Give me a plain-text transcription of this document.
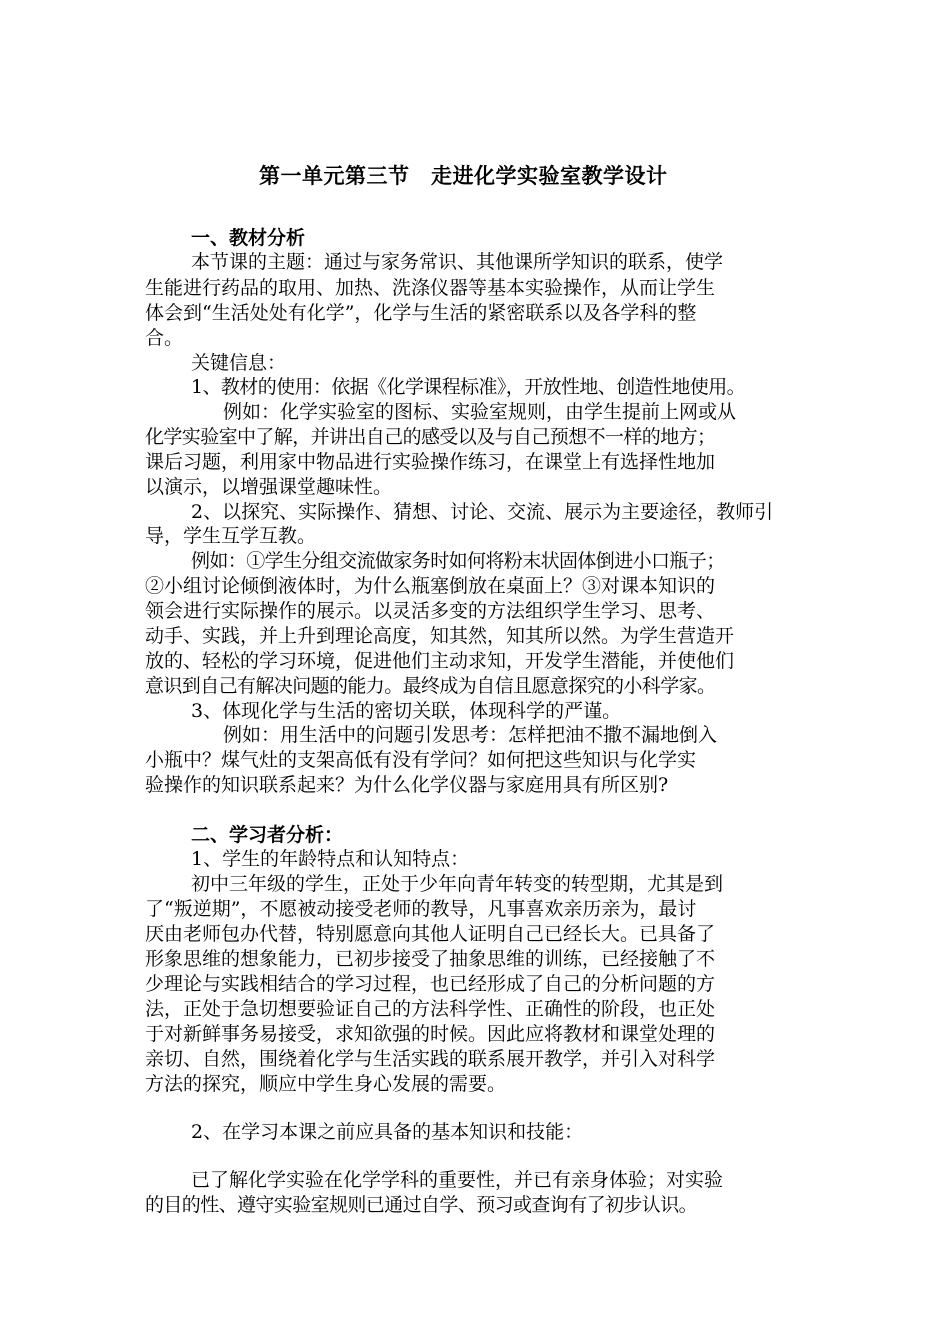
第一单元第三节　走进化学实验室教学设计
一、教材分析
本节课的主题：通过与家务常识、其他课所学知识的联系，使学
生能进行药品的取用、加热、洗涤仪器等基本实验操作，从而让学生
体会到“生活处处有化学”，化学与生活的紧密联系以及各学科的整
合。
关键信息：
1、教材的使用：依据《化学课程标准》，开放性地、创造性地使用。
例如：化学实验室的图标、实验室规则，由学生提前上网或从
化学实验室中了解，并讲出自己的感受以及与自己预想不一样的地方；
课后习题，利用家中物品进行实验操作练习，在课堂上有选择性地加
以演示，以增强课堂趣味性。
2、以探究、实际操作、猜想、讨论、交流、展示为主要途径，教师引
导，学生互学互教。
例如：①学生分组交流做家务时如何将粉末状固体倒进小口瓶子；
②小组讨论倾倒液体时，为什么瓶塞倒放在桌面上？③对课本知识的
领会进行实际操作的展示。以灵活多变的方法组织学生学习、思考、
动手、实践，并上升到理论高度，知其然，知其所以然。为学生营造开
放的、轻松的学习环境，促进他们主动求知，开发学生潜能，并使他们
意识到自己有解决问题的能力。最终成为自信且愿意探究的小科学家。
3、体现化学与生活的密切关联，体现科学的严谨。
例如：用生活中的问题引发思考：怎样把油不撒不漏地倒入
小瓶中？煤气灶的支架高低有没有学问？如何把这些知识与化学实
验操作的知识联系起来？为什么化学仪器与家庭用具有所区别?
二、学习者分析：
1、学生的年龄特点和认知特点：
初中三年级的学生，正处于少年向青年转变的转型期，尤其是到
了“叛逆期”，不愿被动接受老师的教导，凡事喜欢亲历亲为，最讨
厌由老师包办代替，特别愿意向其他人证明自己已经长大。已具备了
形象思维的想象能力，已初步接受了抽象思维的训练，已经接触了不
少理论与实践相结合的学习过程，也已经形成了自己的分析问题的方
法，正处于急切想要验证自己的方法科学性、正确性的阶段，也正处
于对新鲜事务易接受，求知欲强的时候。因此应将教材和课堂处理的
亲切、自然，围绕着化学与生活实践的联系展开教学，并引入对科学
方法的探究，顺应中学生身心发展的需要。
2、在学习本课之前应具备的基本知识和技能：
已了解化学实验在化学学科的重要性，并已有亲身体验；对实验
的目的性、遵守实验室规则已通过自学、预习或查询有了初步认识。
